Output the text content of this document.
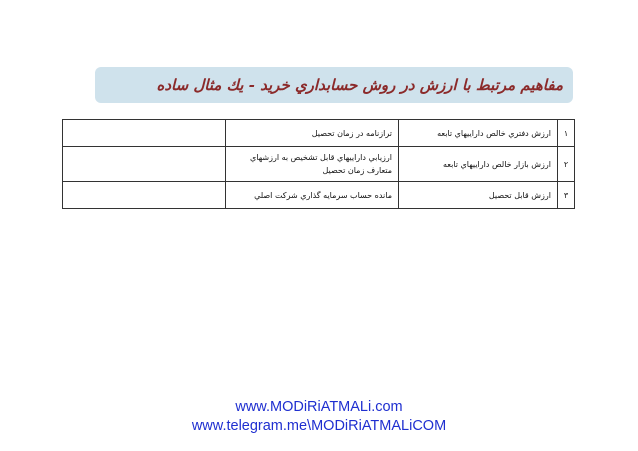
مفاهيم مرتبط با ارزش در روش حسابداري خريد - يك مثال ساده
١	ارزش دفتري خالص داراييهاي تابعه	ترازنامه در زمان تحصيل	
٢	ارزش بازار خالص داراييهاي تابعه	ارزيابي داراييهاي قابل تشخيص به ارزشهاي متعارف زمان تحصيل	
٣	ارزش قابل تحصيل	مانده حساب سرمايه گذاري شركت اصلي	
www.MODiRiATMALi.com
www.telegram.me\MODiRiATMALiCOM
